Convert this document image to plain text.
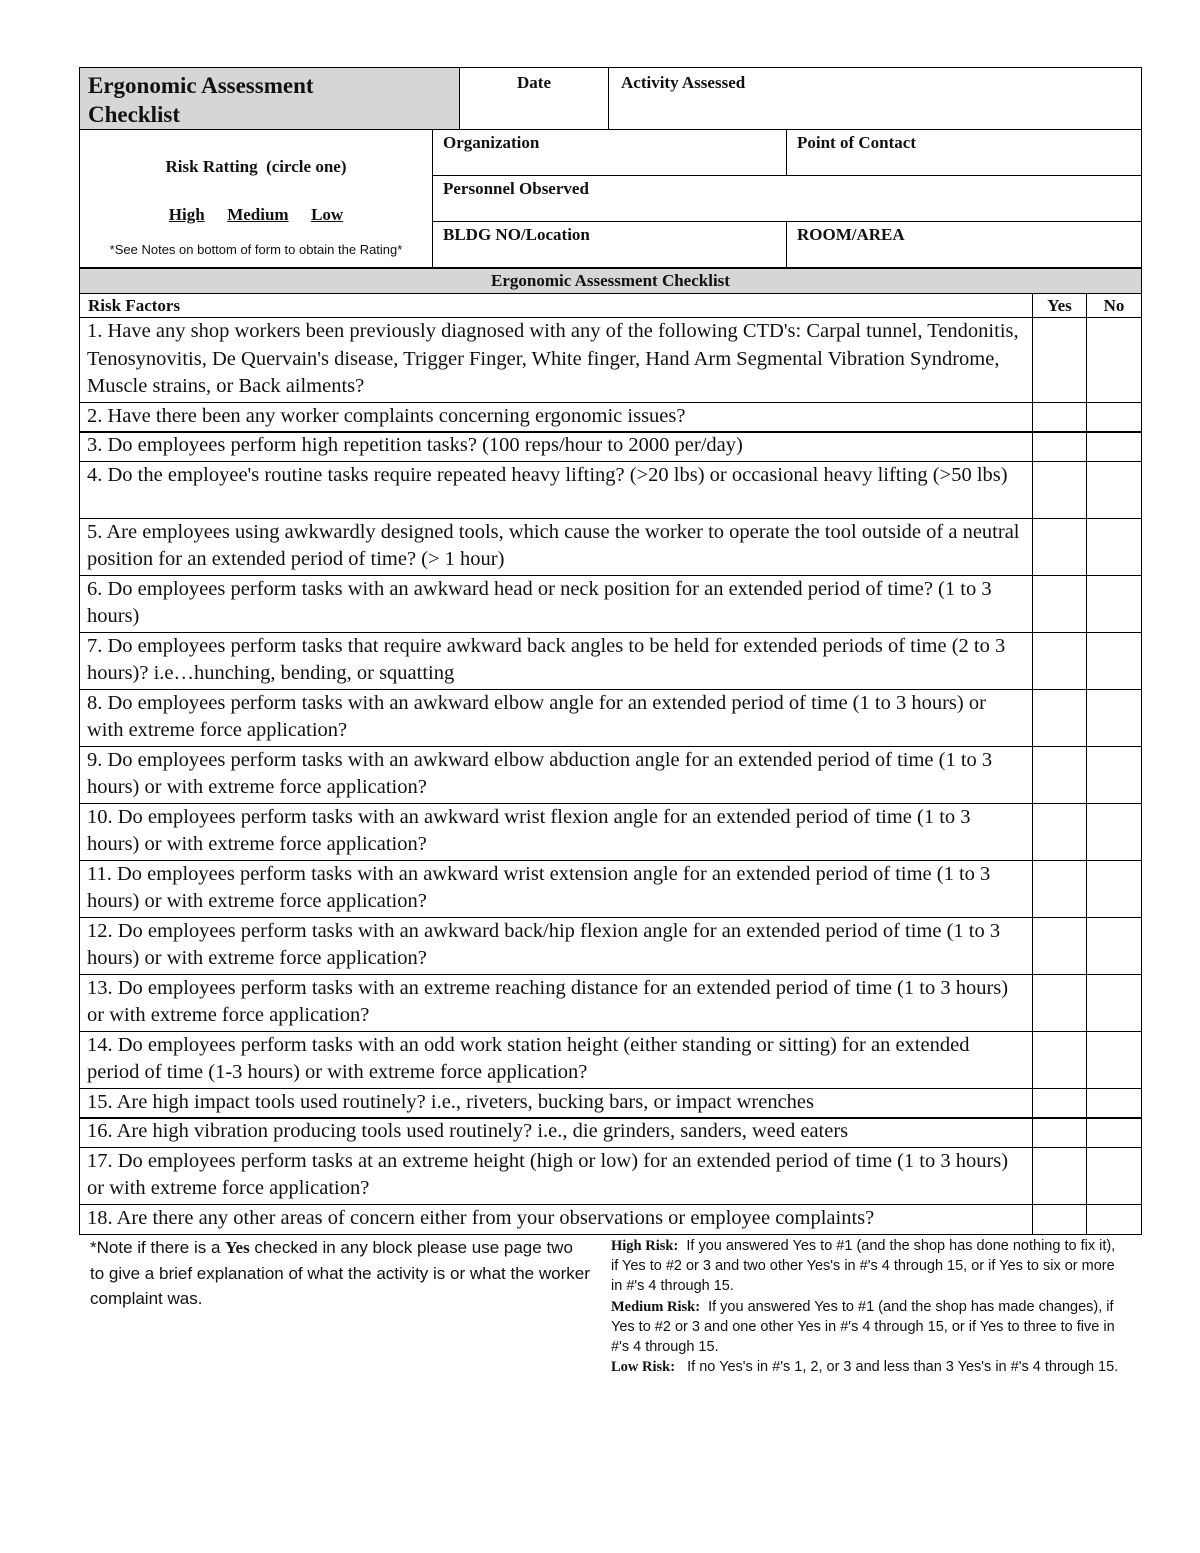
Ergonomic Assessment Checklist
Date	Activity Assessed
Risk Ratting  (circle one)
High Medium Low
*See Notes on bottom of form to obtain the Rating*
Organization	Point of Contact
Personnel Observed
BLDG NO/Location	ROOM/AREA
Ergonomic Assessment Checklist
Risk Factors	Yes	No
1. Have any shop workers been previously diagnosed with any of the following CTD's: Carpal tunnel, Tendonitis, Tenosynovitis, De Quervain's disease, Trigger Finger, White finger, Hand Arm Segmental Vibration Syndrome, Muscle strains, or Back ailments?
2. Have there been any worker complaints concerning ergonomic issues?
3. Do employees perform high repetition tasks? (100 reps/hour to 2000 per/day)
4. Do the employee's routine tasks require repeated heavy lifting? (>20 lbs) or occasional heavy lifting (>50 lbs)
5. Are employees using awkwardly designed tools, which cause the worker to operate the tool outside of a neutral position for an extended period of time? (> 1 hour)
6. Do employees perform tasks with an awkward head or neck position for an extended period of time? (1 to 3 hours)
7. Do employees perform tasks that require awkward back angles to be held for extended periods of time (2 to 3 hours)? i.e…hunching, bending, or squatting
8. Do employees perform tasks with an awkward elbow angle for an extended period of time (1 to 3 hours) or with extreme force application?
9. Do employees perform tasks with an awkward elbow abduction angle for an extended period of time (1 to 3 hours) or with extreme force application?
10. Do employees perform tasks with an awkward wrist flexion angle for an extended period of time (1 to 3 hours) or with extreme force application?
11. Do employees perform tasks with an awkward wrist extension angle for an extended period of time (1 to 3 hours) or with extreme force application?
12. Do employees perform tasks with an awkward back/hip flexion angle for an extended period of time (1 to 3 hours) or with extreme force application?
13. Do employees perform tasks with an extreme reaching distance for an extended period of time (1 to 3 hours) or with extreme force application?
14. Do employees perform tasks with an odd work station height (either standing or sitting) for an extended period of time (1-3 hours) or with extreme force application?
15. Are high impact tools used routinely? i.e., riveters, bucking bars, or impact wrenches
16. Are high vibration producing tools used routinely? i.e., die grinders, sanders, weed eaters
17. Do employees perform tasks at an extreme height (high or low) for an extended period of time (1 to 3 hours) or with extreme force application?
18. Are there any other areas of concern either from your observations or employee complaints?
*Note if there is a Yes checked in any block please use page two to give a brief explanation of what the activity is or what the worker complaint was.
High Risk:  If you answered Yes to #1 (and the shop has done nothing to fix it), if Yes to #2 or 3 and two other Yes's in #'s 4 through 15, or if Yes to six or more in #'s 4 through 15.
Medium Risk:  If you answered Yes to #1 (and the shop has made changes), if Yes to #2 or 3 and one other Yes in #'s 4 through 15, or if Yes to three to five in #'s 4 through 15.
Low Risk:   If no Yes's in #'s 1, 2, or 3 and less than 3 Yes's in #'s 4 through 15.
